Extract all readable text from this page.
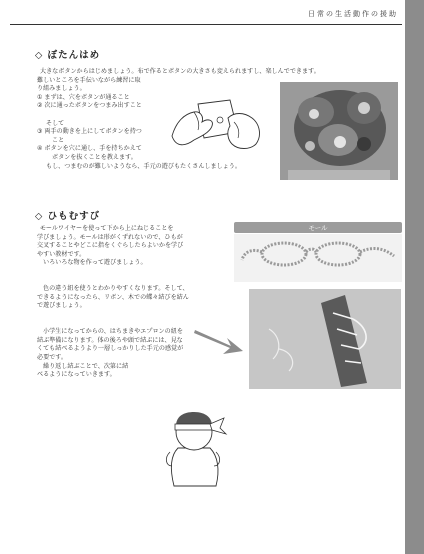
日常の生活動作の援助
◇ ぼたんはめ
大きなボタンからはじめましょう。布で作るとボタンの大きさも変えられますし、楽しんでできます。
難しいところを手伝いながら練習に取
り組みましょう。
① まずは、穴をボタンが通ること
② 次に通ったボタンをつまみ出すこと

そして
③ 両手の動きを上にしてボタンを持つ
こと
④ ボタンを穴に通し、手を持ちかえて
ボタンを抜くことを教えます。
もし、つまむのが難しいようなら、手元の遊びもたくさんしましょう。
◇ ひもむすび
モールワイヤーを使って下から上にねじることを
学びましょう。モールは形がくずれないので、ひもが
交叉することやどこに指をくぐらしたらよいかを学び
やすい教材です。
いろいろな物を作って遊びましょう。

色の違う紐を使うとわかりやすくなります。そして、
できるようになったら、リボン、木での蝶々結びを結ん
で遊びましょう。

小学生になってからの、はちまきやエプロンの紐を
結ぶ準備になります。体の後ろや頭で結ぶには、見な
くても結べるようより一層しっかりした手元の感覚が
必要です。
繰り返し結ぶことで、次第に結
べるようになっていきます。
モール
